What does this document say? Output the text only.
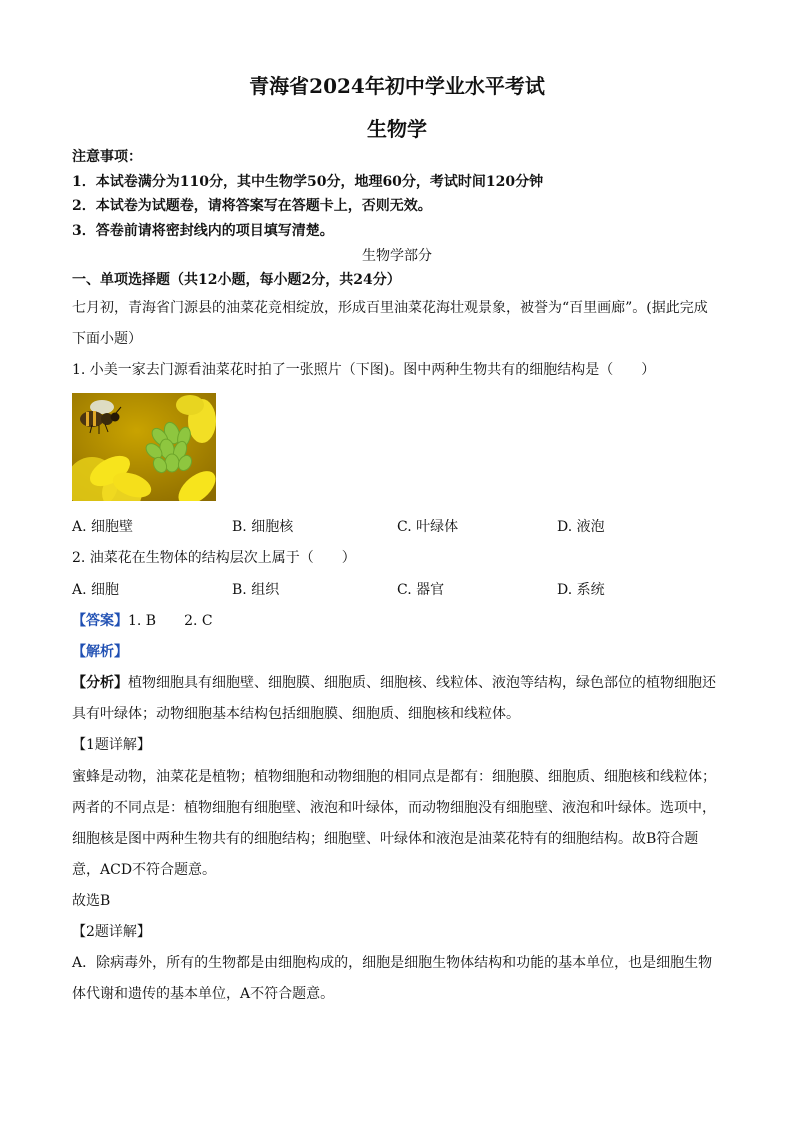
青海省2024年初中学业水平考试
生物学
注意事项：
1．本试卷满分为110分，其中生物学50分，地理60分，考试时间120分钟
2．本试卷为试题卷，请将答案写在答题卡上，否则无效。
3．答卷前请将密封线内的项目填写清楚。
生物学部分
一、单项选择题（共12小题，每小题2分，共24分）
七月初，青海省门源县的油菜花竞相绽放，形成百里油菜花海壮观景象，被誉为“百里画廊”。(据此完成
下面小题）
1. 小美一家去门源看油菜花时拍了一张照片（下图)。图中两种生物共有的细胞结构是（　　）
A. 细胞壁	B. 细胞核	C. 叶绿体	D. 液泡
2. 油菜花在生物体的结构层次上属于（　　）
A. 细胞	B. 组织	C. 器官	D. 系统
【答案】1. B　　2. C
【解析】
【分析】植物细胞具有细胞壁、细胞膜、细胞质、细胞核、线粒体、液泡等结构，绿色部位的植物细胞还
具有叶绿体；动物细胞基本结构包括细胞膜、细胞质、细胞核和线粒体。
【1题详解】
蜜蜂是动物，油菜花是植物；植物细胞和动物细胞的相同点是都有：细胞膜、细胞质、细胞核和线粒体；
两者的不同点是：植物细胞有细胞壁、液泡和叶绿体，而动物细胞没有细胞壁、液泡和叶绿体。选项中，
细胞核是图中两种生物共有的细胞结构；细胞壁、叶绿体和液泡是油菜花特有的细胞结构。故B符合题
意，ACD不符合题意。
故选B
【2题详解】
A．除病毒外，所有的生物都是由细胞构成的，细胞是细胞生物体结构和功能的基本单位，也是细胞生物
体代谢和遗传的基本单位，A不符合题意。
